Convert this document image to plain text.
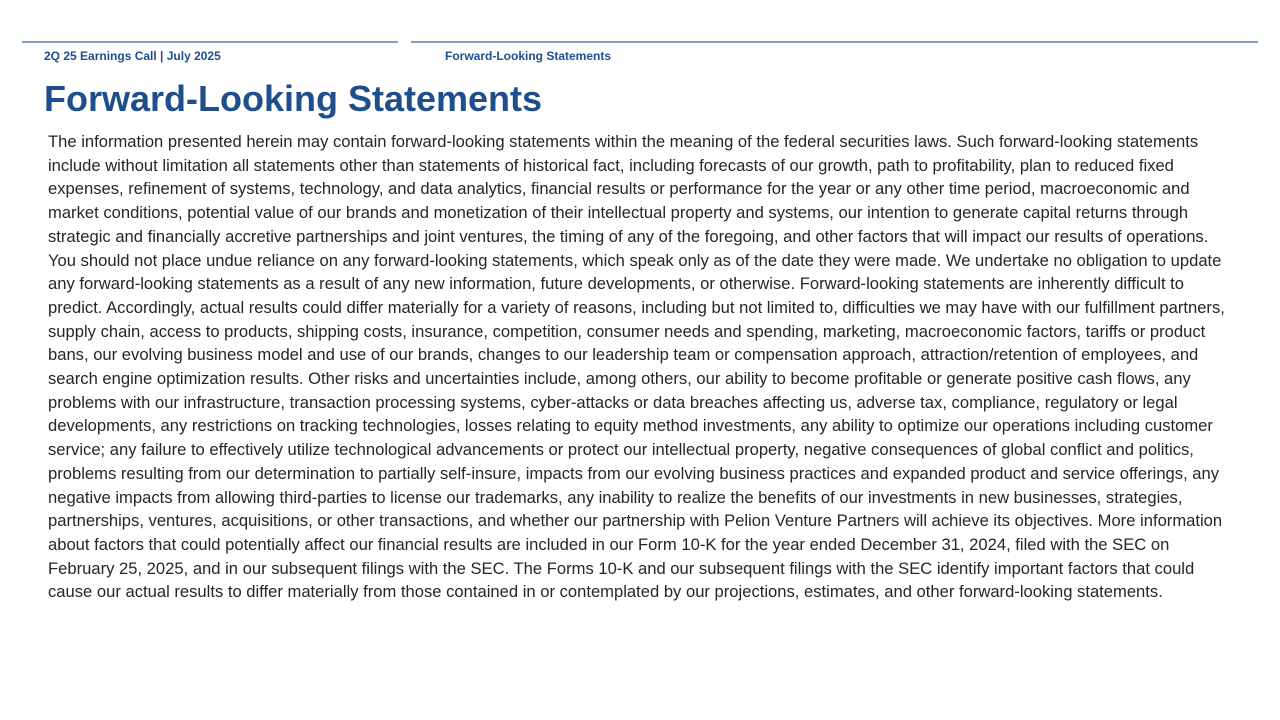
2Q 25 Earnings Call | July 2025	Forward-Looking Statements
Forward-Looking Statements

The information presented herein may contain forward-looking statements within the meaning of the federal securities laws. Such forward-looking statements include without limitation all statements other than statements of historical fact, including forecasts of our growth, path to profitability, plan to reduced fixed expenses, refinement of systems, technology, and data analytics, financial results or performance for the year or any other time period, macroeconomic and market conditions, potential value of our brands and monetization of their intellectual property and systems, our intention to generate capital returns through strategic and financially accretive partnerships and joint ventures, the timing of any of the foregoing, and other factors that will impact our results of operations. You should not place undue reliance on any forward-looking statements, which speak only as of the date they were made. We undertake no obligation to update any forward-looking statements as a result of any new information, future developments, or otherwise. Forward-looking statements are inherently difficult to predict. Accordingly, actual results could differ materially for a variety of reasons, including but not limited to, difficulties we may have with our fulfillment partners, supply chain, access to products, shipping costs, insurance, competition, consumer needs and spending, marketing, macroeconomic factors, tariffs or product bans, our evolving business model and use of our brands, changes to our leadership team or compensation approach, attraction/retention of employees, and search engine optimization results. Other risks and uncertainties include, among others, our ability to become profitable or generate positive cash flows, any problems with our infrastructure, transaction processing systems, cyber-attacks or data breaches affecting us, adverse tax, compliance, regulatory or legal developments, any restrictions on tracking technologies, losses relating to equity method investments, any ability to optimize our operations including customer service; any failure to effectively utilize technological advancements or protect our intellectual property, negative consequences of global conflict and politics, problems resulting from our determination to partially self-insure, impacts from our evolving business practices and expanded product and service offerings, any negative impacts from allowing third-parties to license our trademarks, any inability to realize the benefits of our investments in new businesses, strategies, partnerships, ventures, acquisitions, or other transactions, and whether our partnership with Pelion Venture Partners will achieve its objectives. More information about factors that could potentially affect our financial results are included in our Form 10-K for the year ended December 31, 2024, filed with the SEC on February 25, 2025, and in our subsequent filings with the SEC. The Forms 10-K and our subsequent filings with the SEC identify important factors that could cause our actual results to differ materially from those contained in or contemplated by our projections, estimates, and other forward-looking statements.
